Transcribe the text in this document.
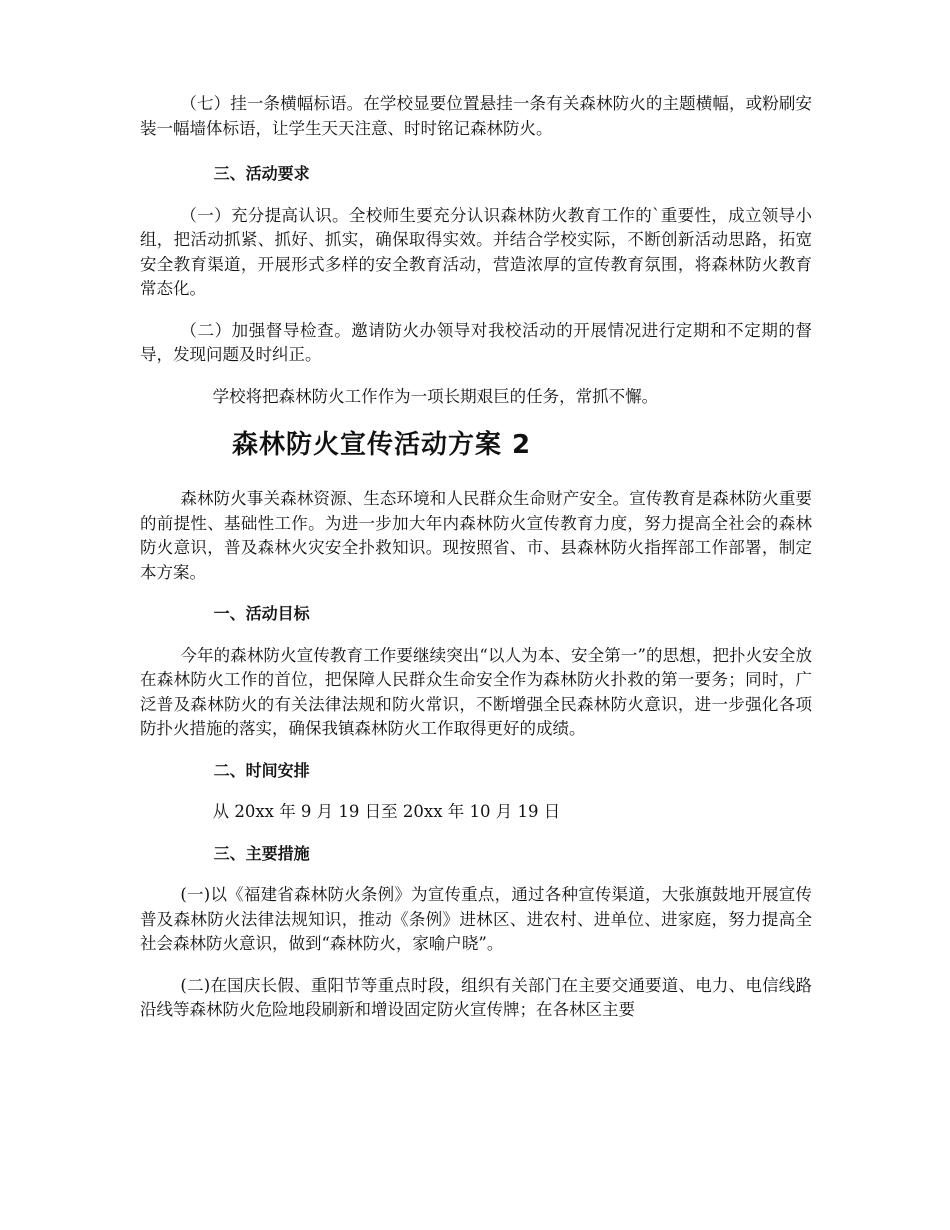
（七）挂一条横幅标语。在学校显要位置悬挂一条有关森林防火的主题横幅，或粉刷安装一幅墙体标语，让学生天天注意、时时铭记森林防火。

三、活动要求

（一）充分提高认识。全校师生要充分认识森林防火教育工作的`重要性，成立领导小组，把活动抓紧、抓好、抓实，确保取得实效。并结合学校实际，不断创新活动思路，拓宽安全教育渠道，开展形式多样的安全教育活动，营造浓厚的宣传教育氛围，将森林防火教育常态化。

（二）加强督导检查。邀请防火办领导对我校活动的开展情况进行定期和不定期的督导，发现问题及时纠正。

学校将把森林防火工作作为一项长期艰巨的任务，常抓不懈。

森林防火宣传活动方案 2

森林防火事关森林资源、生态环境和人民群众生命财产安全。宣传教育是森林防火重要的前提性、基础性工作。为进一步加大年内森林防火宣传教育力度，努力提高全社会的森林防火意识，普及森林火灾安全扑救知识。现按照省、市、县森林防火指挥部工作部署，制定本方案。

一、活动目标

今年的森林防火宣传教育工作要继续突出“以人为本、安全第一”的思想，把扑火安全放在森林防火工作的首位，把保障人民群众生命安全作为森林防火扑救的第一要务；同时，广泛普及森林防火的有关法律法规和防火常识，不断增强全民森林防火意识，进一步强化各项防扑火措施的落实，确保我镇森林防火工作取得更好的成绩。

二、时间安排

从 20xx 年 9 月 19 日至 20xx 年 10 月 19 日

三、主要措施

(一)以《福建省森林防火条例》为宣传重点，通过各种宣传渠道，大张旗鼓地开展宣传普及森林防火法律法规知识，推动《条例》进林区、进农村、进单位、进家庭，努力提高全社会森林防火意识，做到“森林防火，家喻户晓”。

(二)在国庆长假、重阳节等重点时段，组织有关部门在主要交通要道、电力、电信线路沿线等森林防火危险地段刷新和增设固定防火宣传牌；在各林区主要
